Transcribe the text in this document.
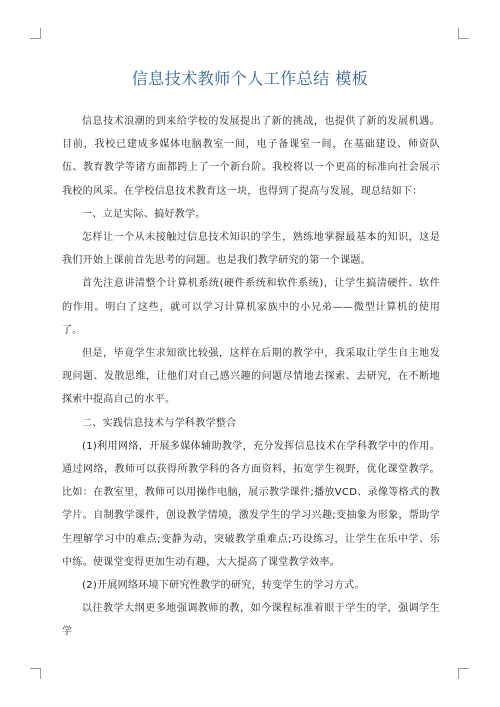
信息技术教师个人工作总结 模板

信息技术浪潮的到来给学校的发展提出了新的挑战，也提供了新的发展机遇。目前，我校已建成多媒体电脑教室一间，电子备课室一间，在基础建设、师资队伍、教育教学等诸方面都跨上了一个新台阶。我校将以一个更高的标准向社会展示我校的风采。在学校信息技术教育这一块，也得到了提高与发展，现总结如下：

一、立足实际、搞好教学。

怎样让一个从未接触过信息技术知识的学生，熟练地掌握最基本的知识，这是我们开始上课前首先思考的问题。也是我们教学研究的第一个课题。

首先注意讲清整个计算机系统(硬件系统和软件系统)，让学生搞清硬件、软件的作用。明白了这些，就可以学习计算机家族中的小兄弟——微型计算机的使用了。

但是，毕竟学生求知欲比较强，这样在后期的教学中，我采取让学生自主地发现问题、发散思维，让他们对自己感兴趣的问题尽情地去探索、去研究，在不断地探索中提高自己的水平。

二、实践信息技术与学科教学整合

(1)利用网络，开展多媒体辅助教学，充分发挥信息技术在学科教学中的作用。通过网络，教师可以获得所教学科的各方面资料，拓宽学生视野，优化课堂教学。比如：在教室里，教师可以用操作电脑，展示教学课件;播放VCD、录像等格式的教学片。自制教学课件，创设教学情境，激发学生的学习兴趣;变抽象为形象，帮助学生理解学习中的难点;变静为动，突破教学重难点;巧设练习，让学生在乐中学、乐中练。使课堂变得更加生动有趣，大大提高了课堂教学效率。

(2)开展网络环境下研究性教学的研究，转变学生的学习方式。

以往教学大纲更多地强调教师的教，如今课程标准着眼于学生的学，强调学生学
